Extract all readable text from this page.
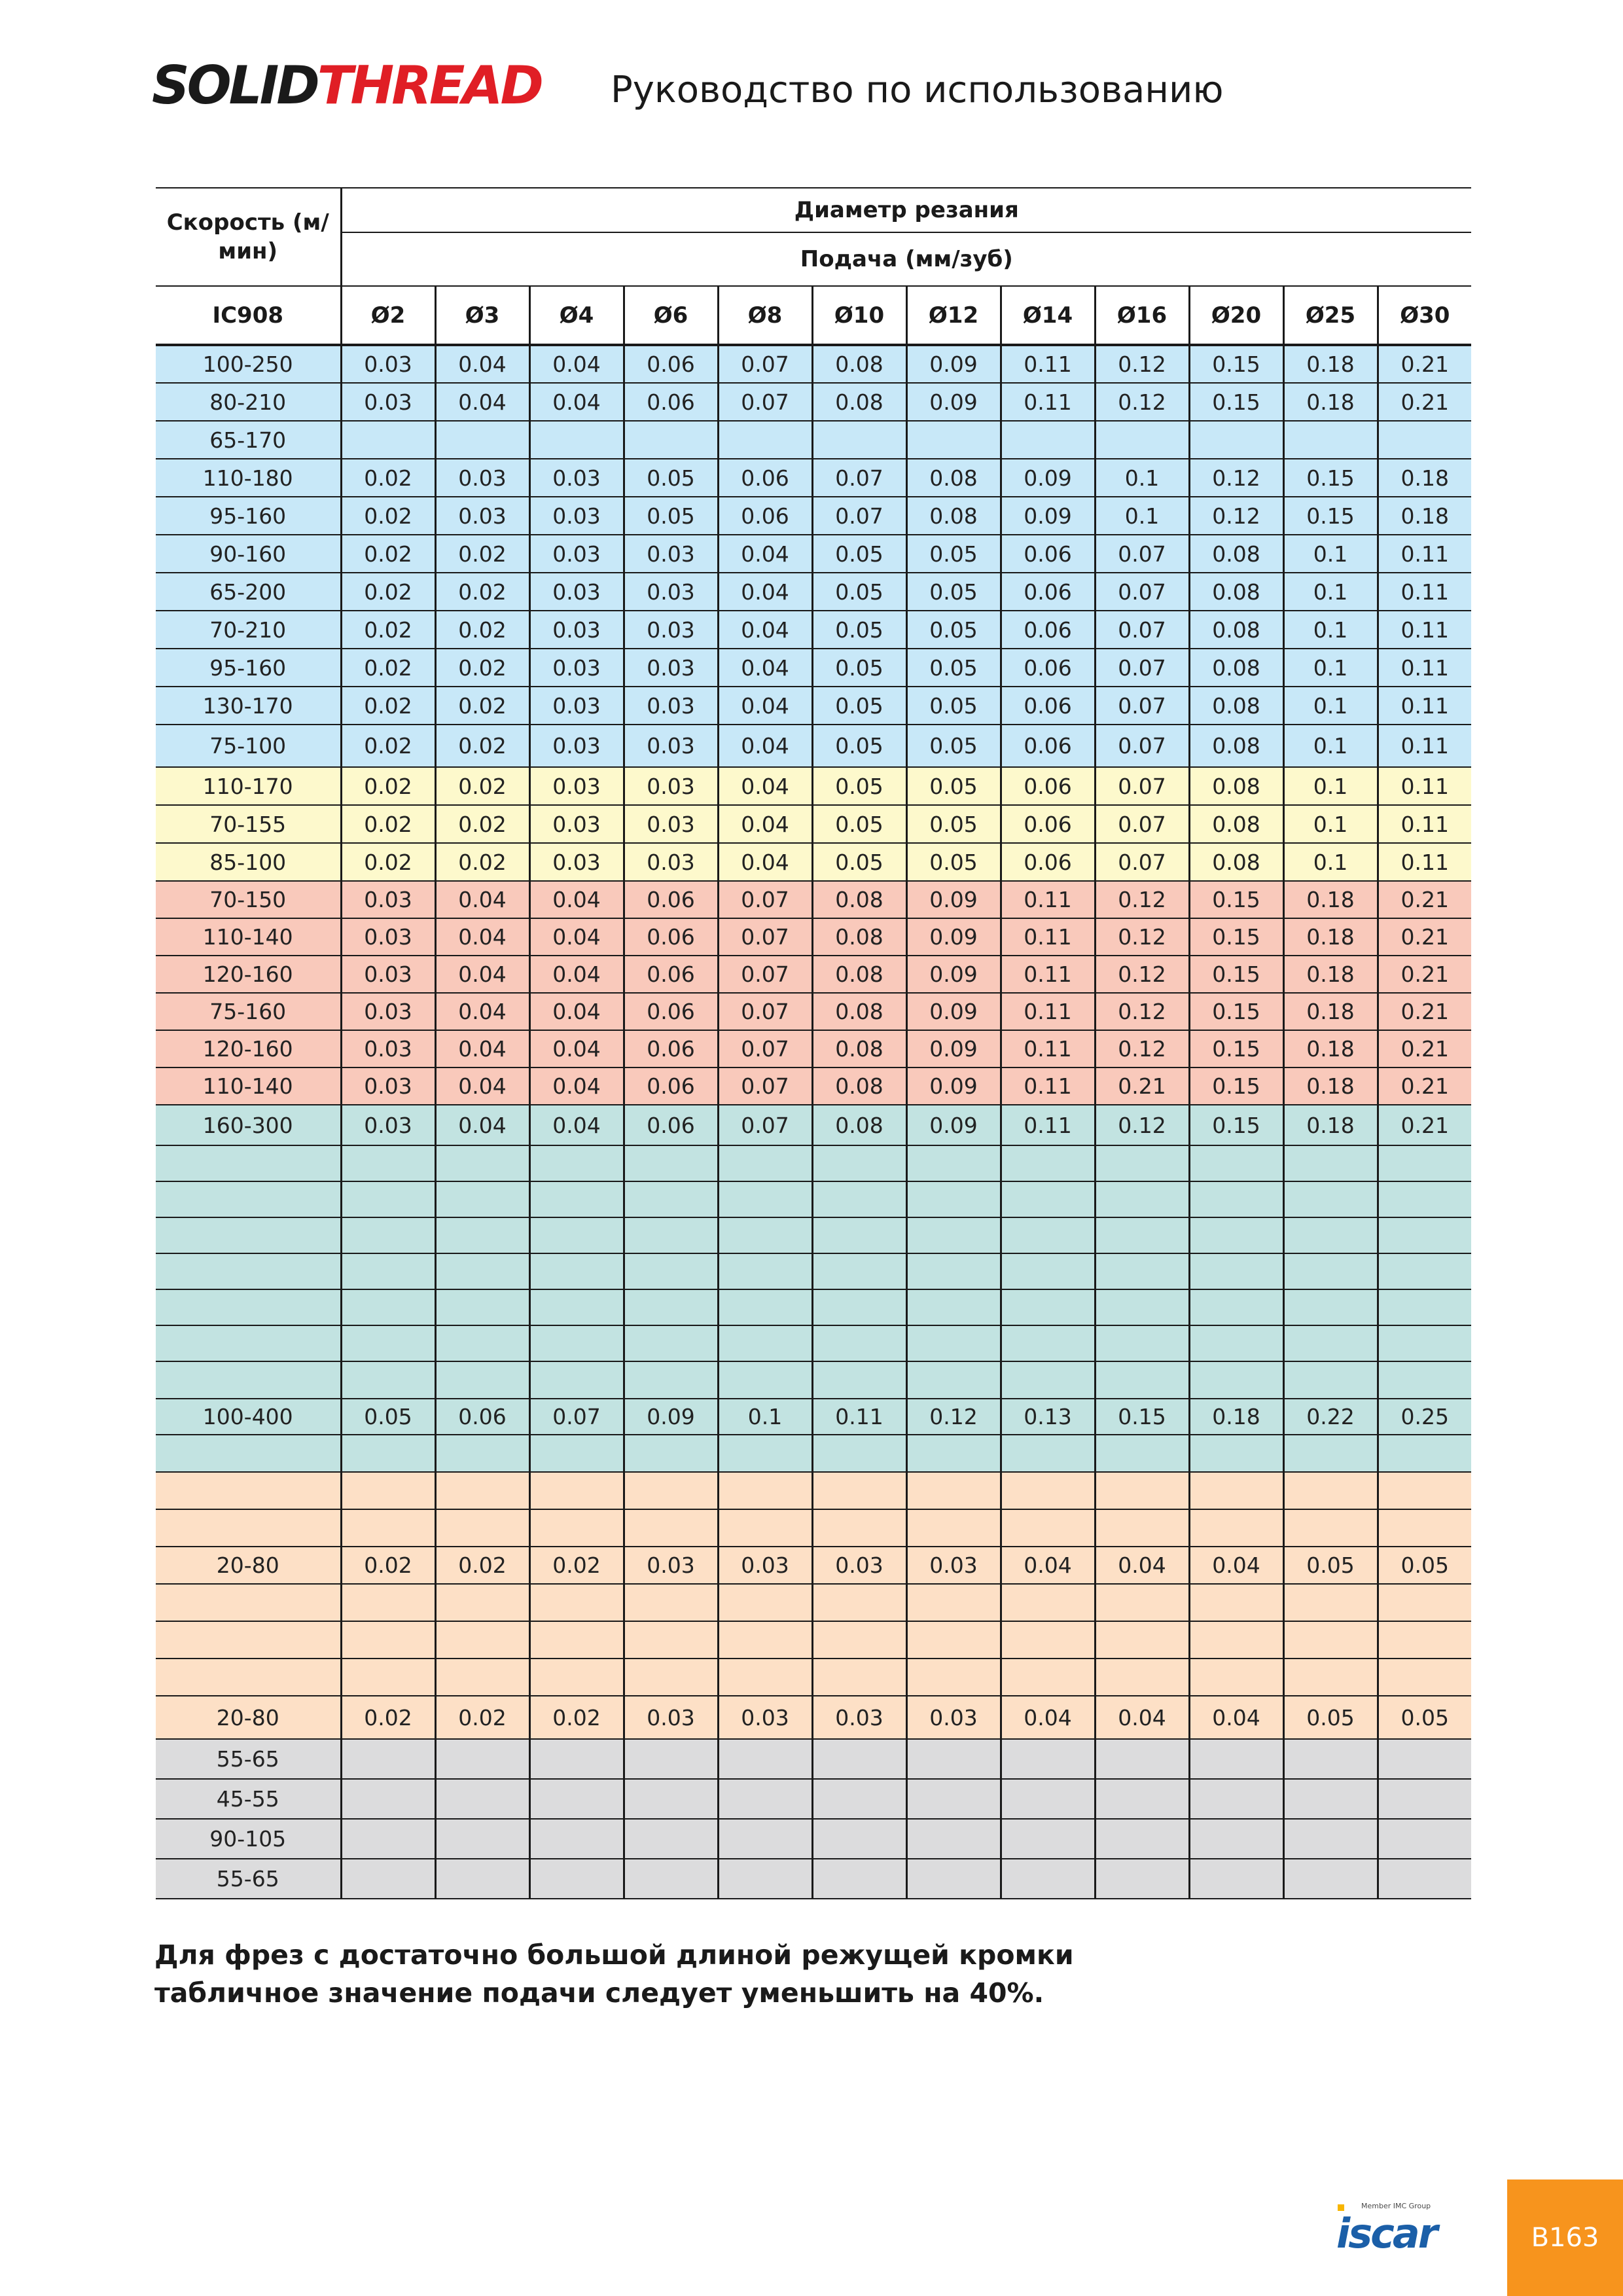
SOLIDTHREAD Руководство по использованию
Скорость (м/мин)	Диаметр резания											
	Подача (мм/зуб)											
IC908	Ø2	Ø3	Ø4	Ø6	Ø8	Ø10	Ø12	Ø14	Ø16	Ø20	Ø25	Ø30
100-250	0.03	0.04	0.04	0.06	0.07	0.08	0.09	0.11	0.12	0.15	0.18	0.21
80-210	0.03	0.04	0.04	0.06	0.07	0.08	0.09	0.11	0.12	0.15	0.18	0.21
65-170												
110-180	0.02	0.03	0.03	0.05	0.06	0.07	0.08	0.09	0.1	0.12	0.15	0.18
95-160	0.02	0.03	0.03	0.05	0.06	0.07	0.08	0.09	0.1	0.12	0.15	0.18
90-160	0.02	0.02	0.03	0.03	0.04	0.05	0.05	0.06	0.07	0.08	0.1	0.11
65-200	0.02	0.02	0.03	0.03	0.04	0.05	0.05	0.06	0.07	0.08	0.1	0.11
70-210	0.02	0.02	0.03	0.03	0.04	0.05	0.05	0.06	0.07	0.08	0.1	0.11
95-160	0.02	0.02	0.03	0.03	0.04	0.05	0.05	0.06	0.07	0.08	0.1	0.11
130-170	0.02	0.02	0.03	0.03	0.04	0.05	0.05	0.06	0.07	0.08	0.1	0.11
75-100	0.02	0.02	0.03	0.03	0.04	0.05	0.05	0.06	0.07	0.08	0.1	0.11
110-170	0.02	0.02	0.03	0.03	0.04	0.05	0.05	0.06	0.07	0.08	0.1	0.11
70-155	0.02	0.02	0.03	0.03	0.04	0.05	0.05	0.06	0.07	0.08	0.1	0.11
85-100	0.02	0.02	0.03	0.03	0.04	0.05	0.05	0.06	0.07	0.08	0.1	0.11
70-150	0.03	0.04	0.04	0.06	0.07	0.08	0.09	0.11	0.12	0.15	0.18	0.21
110-140	0.03	0.04	0.04	0.06	0.07	0.08	0.09	0.11	0.12	0.15	0.18	0.21
120-160	0.03	0.04	0.04	0.06	0.07	0.08	0.09	0.11	0.12	0.15	0.18	0.21
75-160	0.03	0.04	0.04	0.06	0.07	0.08	0.09	0.11	0.12	0.15	0.18	0.21
120-160	0.03	0.04	0.04	0.06	0.07	0.08	0.09	0.11	0.12	0.15	0.18	0.21
110-140	0.03	0.04	0.04	0.06	0.07	0.08	0.09	0.11	0.21	0.15	0.18	0.21
160-300	0.03	0.04	0.04	0.06	0.07	0.08	0.09	0.11	0.12	0.15	0.18	0.21

100-400	0.05	0.06	0.07	0.09	0.1	0.11	0.12	0.13	0.15	0.18	0.22	0.25

20-80	0.02	0.02	0.02	0.03	0.03	0.03	0.03	0.04	0.04	0.04	0.05	0.05

20-80	0.02	0.02	0.02	0.03	0.03	0.03	0.03	0.04	0.04	0.04	0.05	0.05
55-65												
45-55												
90-105												
55-65												
Для фрез с достаточно большой длиной режущей кромки
табличное значение подачи следует уменьшить на 40%.
Member IMC Group
iscar	B163
